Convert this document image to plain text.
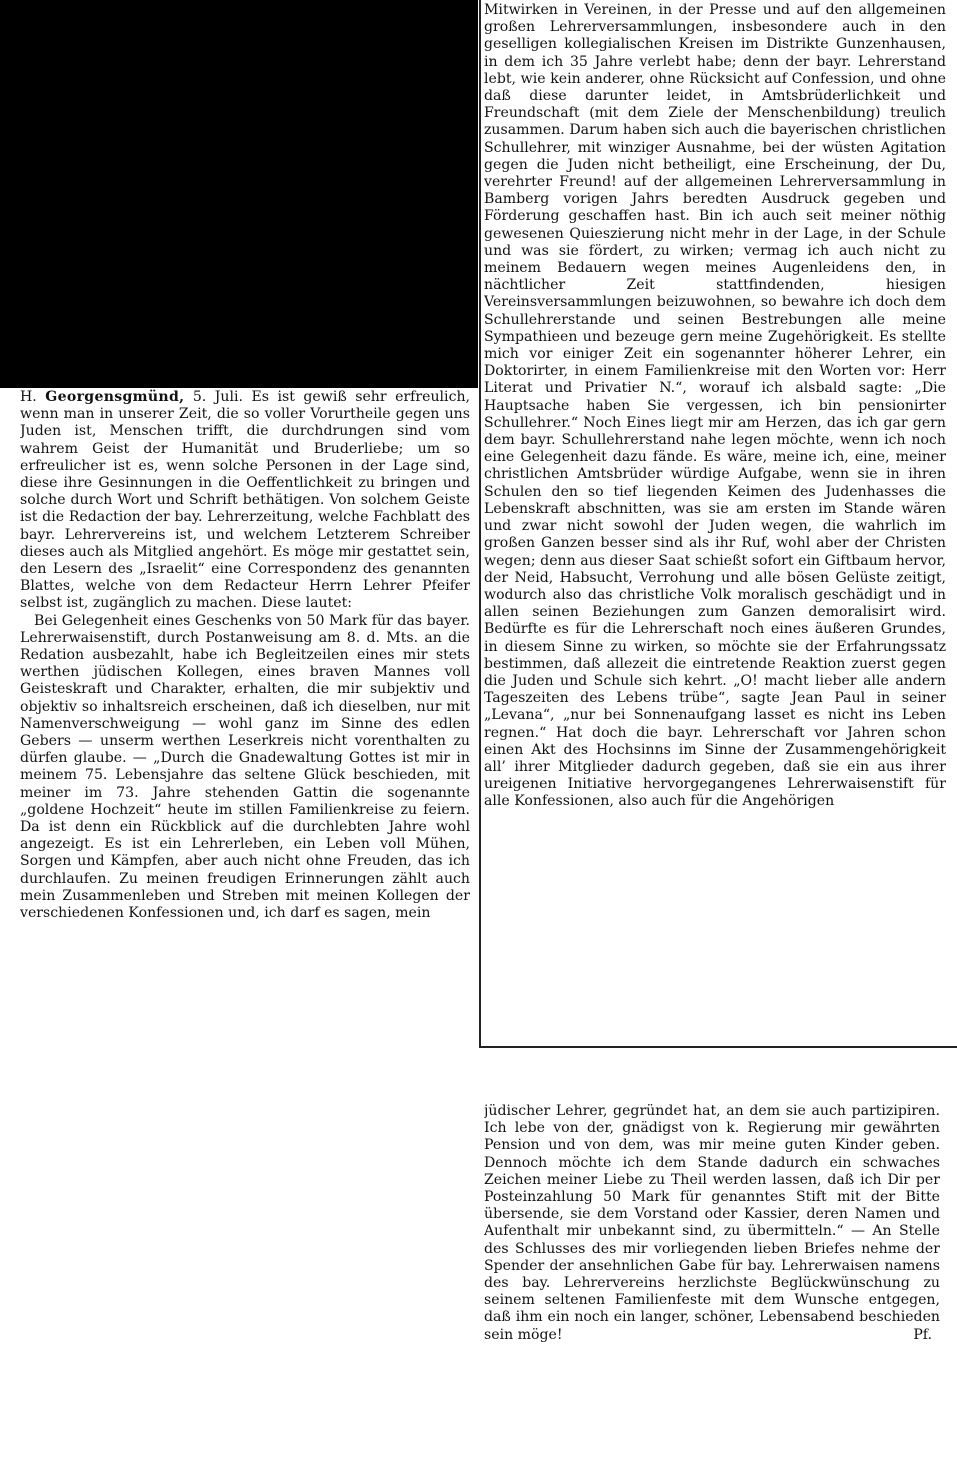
H. Georgensgmünd, 5. Juli. Es ist gewiß sehr erfreulich, wenn man in unserer Zeit, die so voller Vorurtheile gegen uns Juden ist, Menschen trifft, die durchdrungen sind vom wahrem Geist der Humanität und Bruderliebe; um so erfreulicher ist es, wenn solche Personen in der Lage sind, diese ihre Gesinnungen in die Oeffentlichkeit zu bringen und solche durch Wort und Schrift bethätigen. Von solchem Geiste ist die Redaction der bay. Lehrerzeitung, welche Fachblatt des bayr. Lehrervereins ist, und welchem Letzterem Schreiber dieses auch als Mitglied angehört. Es möge mir gestattet sein, den Lesern des „Israelit“ eine Correspondenz des genannten Blattes, welche von dem Redacteur Herrn Lehrer Pfeifer selbst ist, zugänglich zu machen. Diese lautet:

Bei Gelegenheit eines Geschenks von 50 Mark für das bayer. Lehrerwaisenstift, durch Postanweisung am 8. d. Mts. an die Redation ausbezahlt, habe ich Begleitzeilen eines mir stets werthen jüdischen Kollegen, eines braven Mannes voll Geisteskraft und Charakter, erhalten, die mir subjektiv und objektiv so inhaltsreich erscheinen, daß ich dieselben, nur mit Namenverschweigung — wohl ganz im Sinne des edlen Gebers — unserm werthen Leserkreis nicht vorenthalten zu dürfen glaube. — „Durch die Gnadewaltung Gottes ist mir in meinem 75. Lebensjahre das seltene Glück beschieden, mit meiner im 73. Jahre stehenden Gattin die sogenannte „goldene Hochzeit“ heute im stillen Familienkreise zu feiern. Da ist denn ein Rückblick auf die durchlebten Jahre wohl angezeigt. Es ist ein Lehrerleben, ein Leben voll Mühen, Sorgen und Kämpfen, aber auch nicht ohne Freuden, das ich durchlaufen. Zu meinen freudigen Erinnerungen zählt auch mein Zusammenleben und Streben mit meinen Kollegen der verschiedenen Konfessionen und, ich darf es sagen, mein

Mitwirken in Vereinen, in der Presse und auf den allgemeinen großen Lehrerversammlungen, insbesondere auch in den geselligen kollegialischen Kreisen im Distrikte Gunzenhausen, in dem ich 35 Jahre verlebt habe; denn der bayr. Lehrerstand lebt, wie kein anderer, ohne Rücksicht auf Confession, und ohne daß diese darunter leidet, in Amtsbrüderlichkeit und Freundschaft (mit dem Ziele der Menschenbildung) treulich zusammen. Darum haben sich auch die bayerischen christlichen Schullehrer, mit winziger Ausnahme, bei der wüsten Agitation gegen die Juden nicht betheiligt, eine Erscheinung, der Du, verehrter Freund! auf der allgemeinen Lehrerversammlung in Bamberg vorigen Jahrs beredten Ausdruck gegeben und Förderung geschaffen hast. Bin ich auch seit meiner nöthig gewesenen Quieszierung nicht mehr in der Lage, in der Schule und was sie fördert, zu wirken; vermag ich auch nicht zu meinem Bedauern wegen meines Augenleidens den, in nächtlicher Zeit stattfindenden, hiesigen Vereinsversammlungen beizuwohnen, so bewahre ich doch dem Schullehrerstande und seinen Bestrebungen alle meine Sympathieen und bezeuge gern meine Zugehörigkeit. Es stellte mich vor einiger Zeit ein sogenannter höherer Lehrer, ein Doktorirter, in einem Familienkreise mit den Worten vor: Herr Literat und Privatier N.“, worauf ich alsbald sagte: „Die Hauptsache haben Sie vergessen, ich bin pensionirter Schullehrer.“ Noch Eines liegt mir am Herzen, das ich gar gern dem bayr. Schullehrerstand nahe legen möchte, wenn ich noch eine Gelegenheit dazu fände. Es wäre, meine ich, eine, meiner christlichen Amtsbrüder würdige Aufgabe, wenn sie in ihren Schulen den so tief liegenden Keimen des Judenhasses die Lebenskraft abschnitten, was sie am ersten im Stande wären und zwar nicht sowohl der Juden wegen, die wahrlich im großen Ganzen besser sind als ihr Ruf, wohl aber der Christen wegen; denn aus dieser Saat schießt sofort ein Giftbaum hervor, der Neid, Habsucht, Verrohung und alle bösen Gelüste zeitigt, wodurch also das christliche Volk moralisch geschädigt und in allen seinen Beziehungen zum Ganzen demoralisirt wird. Bedürfte es für die Lehrerschaft noch eines äußeren Grundes, in diesem Sinne zu wirken, so möchte sie der Erfahrungssatz bestimmen, daß allezeit die eintretende Reaktion zuerst gegen die Juden und Schule sich kehrt. „O! macht lieber alle andern Tageszeiten des Lebens trübe“, sagte Jean Paul in seiner „Levana“, „nur bei Sonnenaufgang lasset es nicht ins Leben regnen.“ Hat doch die bayr. Lehrerschaft vor Jahren schon einen Akt des Hochsinns im Sinne der Zusammengehörigkeit all’ ihrer Mitglieder dadurch gegeben, daß sie ein aus ihrer ureigenen Initiative hervorgegangenes Lehrerwaisenstift für alle Konfessionen, also auch für die Angehörigen

jüdischer Lehrer, gegründet hat, an dem sie auch partizipiren. Ich lebe von der, gnädigst von k. Regierung mir gewährten Pension und von dem, was mir meine guten Kinder geben. Dennoch möchte ich dem Stande dadurch ein schwaches Zeichen meiner Liebe zu Theil werden lassen, daß ich Dir per Posteinzahlung 50 Mark für genanntes Stift mit der Bitte übersende, sie dem Vorstand oder Kassier, deren Namen und Aufenthalt mir unbekannt sind, zu übermitteln.“ — An Stelle des Schlusses des mir vorliegenden lieben Briefes nehme der Spender der ansehnlichen Gabe für bay. Lehrerwaisen namens des bay. Lehrervereins herzlichste Beglückwünschung zu seinem seltenen Familienfeste mit dem Wunsche entgegen, daß ihm ein noch ein langer, schöner, Lebensabend beschieden sein möge!	Pf.
